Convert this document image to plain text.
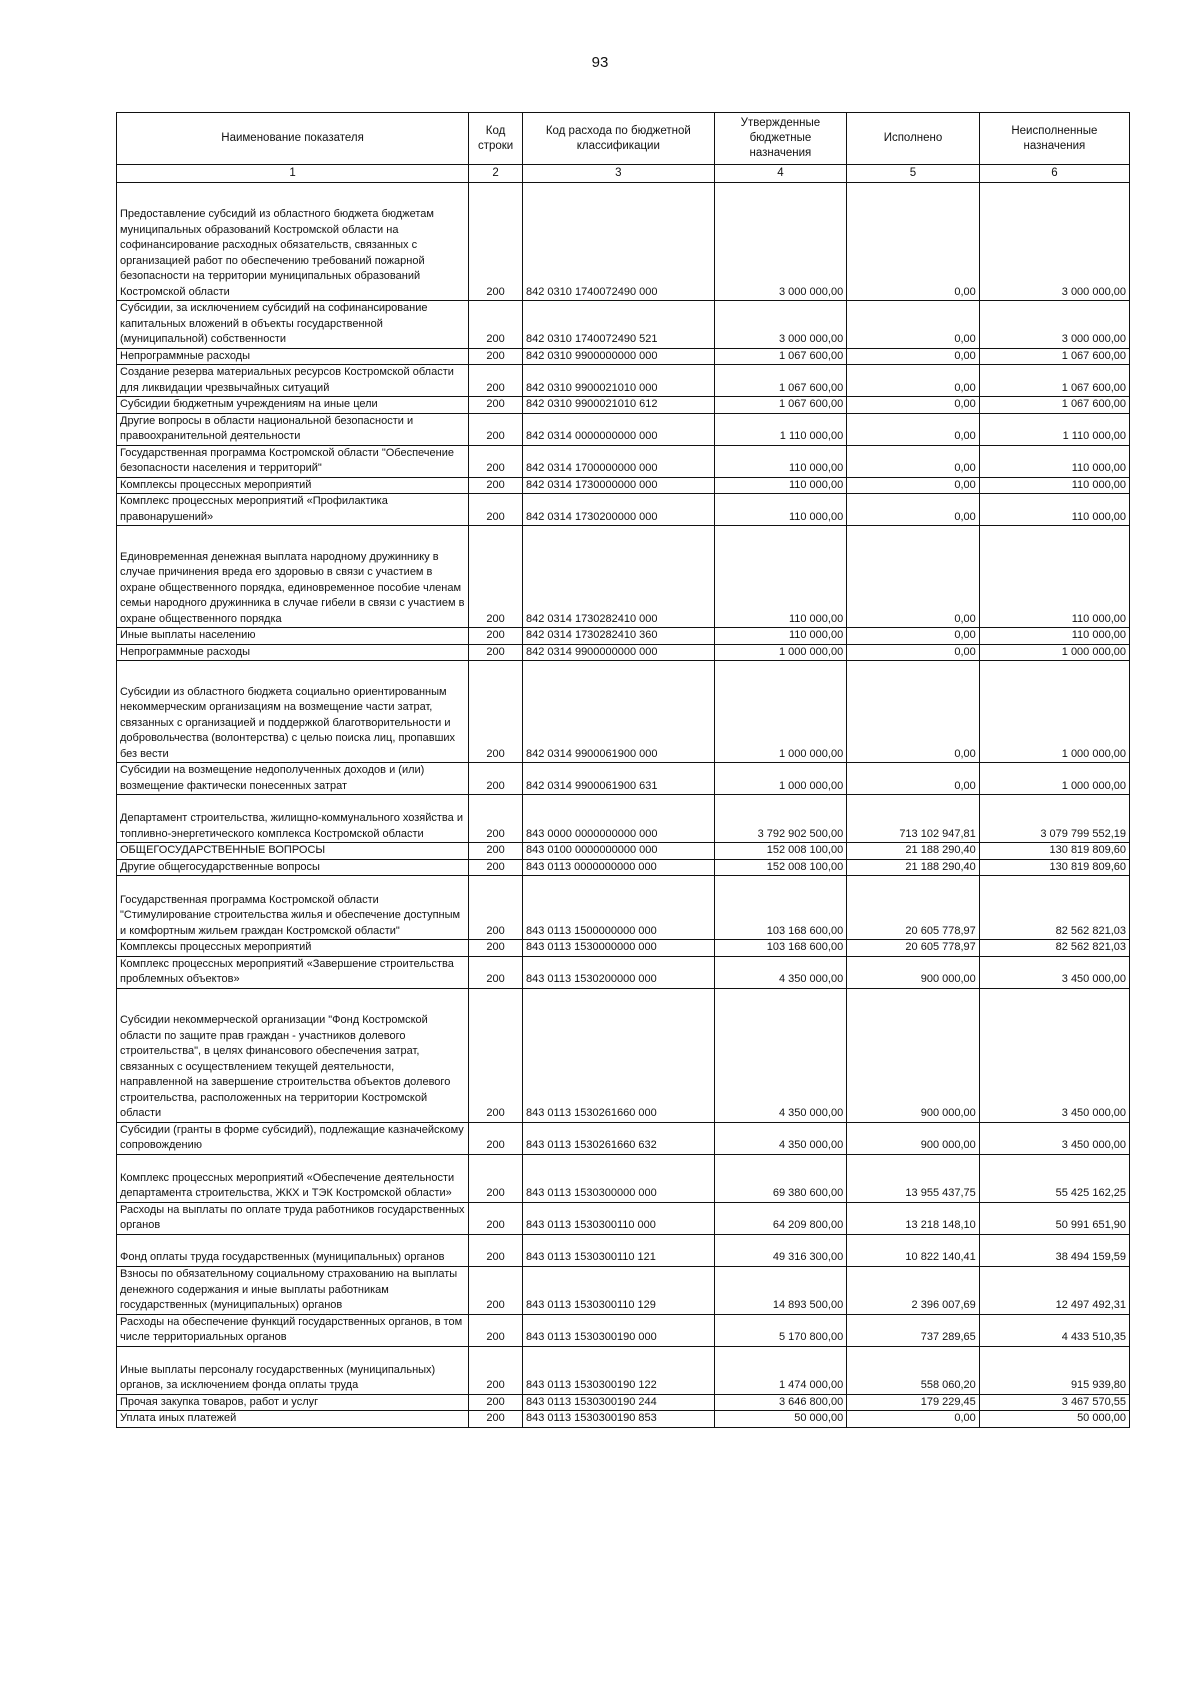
93
Наименование показателя	Код строки	Код расхода по бюджетной классификации	Утвержденные бюджетные назначения	Исполнено	Неисполненные назначения
1	2	3	4	5	6
Предоставление субсидий из областного бюджета бюджетам муниципальных образований Костромской области на софинансирование расходных обязательств, связанных с организацией работ по обеспечению требований пожарной безопасности на территории муниципальных образований Костромской области	200	842 0310 1740072490 000	3 000 000,00	0,00	3 000 000,00
Субсидии, за исключением субсидий на софинансирование капитальных вложений в объекты государственной (муниципальной) собственности	200	842 0310 1740072490 521	3 000 000,00	0,00	3 000 000,00
Непрограммные расходы	200	842 0310 9900000000 000	1 067 600,00	0,00	1 067 600,00
Создание резерва материальных ресурсов Костромской области для ликвидации чрезвычайных ситуаций	200	842 0310 9900021010 000	1 067 600,00	0,00	1 067 600,00
Субсидии бюджетным учреждениям на иные цели	200	842 0310 9900021010 612	1 067 600,00	0,00	1 067 600,00
Другие вопросы в области национальной безопасности и правоохранительной деятельности	200	842 0314 0000000000 000	1 110 000,00	0,00	1 110 000,00
Государственная программа Костромской области "Обеспечение безопасности населения и территорий"	200	842 0314 1700000000 000	110 000,00	0,00	110 000,00
Комплексы процессных мероприятий	200	842 0314 1730000000 000	110 000,00	0,00	110 000,00
Комплекс процессных мероприятий «Профилактика правонарушений»	200	842 0314 1730200000 000	110 000,00	0,00	110 000,00
Единовременная денежная выплата народному дружиннику в случае причинения вреда его здоровью в связи с участием в охране общественного порядка, единовременное пособие членам семьи народного дружинника в случае гибели в связи с участием в охране общественного порядка	200	842 0314 1730282410 000	110 000,00	0,00	110 000,00
Иные выплаты населению	200	842 0314 1730282410 360	110 000,00	0,00	110 000,00
Непрограммные расходы	200	842 0314 9900000000 000	1 000 000,00	0,00	1 000 000,00
Субсидии из областного бюджета социально ориентированным некоммерческим организациям на возмещение части затрат, связанных с организацией и поддержкой благотворительности и добровольчества (волонтерства) с целью поиска лиц, пропавших без вести	200	842 0314 9900061900 000	1 000 000,00	0,00	1 000 000,00
Субсидии на возмещение недополученных доходов и (или) возмещение фактически понесенных затрат	200	842 0314 9900061900 631	1 000 000,00	0,00	1 000 000,00
Департамент строительства, жилищно-коммунального хозяйства и топливно-энергетического комплекса Костромской области	200	843 0000 0000000000 000	3 792 902 500,00	713 102 947,81	3 079 799 552,19
ОБЩЕГОСУДАРСТВЕННЫЕ ВОПРОСЫ	200	843 0100 0000000000 000	152 008 100,00	21 188 290,40	130 819 809,60
Другие общегосударственные вопросы	200	843 0113 0000000000 000	152 008 100,00	21 188 290,40	130 819 809,60
Государственная программа Костромской области "Стимулирование строительства жилья и обеспечение доступным и комфортным жильем граждан Костромской области"	200	843 0113 1500000000 000	103 168 600,00	20 605 778,97	82 562 821,03
Комплексы процессных мероприятий	200	843 0113 1530000000 000	103 168 600,00	20 605 778,97	82 562 821,03
Комплекс процессных мероприятий «Завершение строительства проблемных объектов»	200	843 0113 1530200000 000	4 350 000,00	900 000,00	3 450 000,00
Субсидии некоммерческой организации "Фонд Костромской области по защите прав граждан - участников долевого строительства", в целях финансового обеспечения затрат, связанных с осуществлением текущей деятельности, направленной на завершение строительства объектов долевого строительства, расположенных на территории Костромской области	200	843 0113 1530261660 000	4 350 000,00	900 000,00	3 450 000,00
Субсидии (гранты в форме субсидий), подлежащие казначейскому сопровождению	200	843 0113 1530261660 632	4 350 000,00	900 000,00	3 450 000,00
Комплекс процессных мероприятий «Обеспечение деятельности департамента строительства, ЖКХ и ТЭК Костромской области»	200	843 0113 1530300000 000	69 380 600,00	13 955 437,75	55 425 162,25
Расходы на выплаты по оплате труда работников государственных органов	200	843 0113 1530300110 000	64 209 800,00	13 218 148,10	50 991 651,90
Фонд оплаты труда государственных (муниципальных) органов	200	843 0113 1530300110 121	49 316 300,00	10 822 140,41	38 494 159,59
Взносы по обязательному социальному страхованию на выплаты денежного содержания и иные выплаты работникам государственных (муниципальных) органов	200	843 0113 1530300110 129	14 893 500,00	2 396 007,69	12 497 492,31
Расходы на обеспечение функций государственных органов, в том числе территориальных органов	200	843 0113 1530300190 000	5 170 800,00	737 289,65	4 433 510,35
Иные выплаты персоналу государственных (муниципальных) органов, за исключением фонда оплаты труда	200	843 0113 1530300190 122	1 474 000,00	558 060,20	915 939,80
Прочая закупка товаров, работ и услуг	200	843 0113 1530300190 244	3 646 800,00	179 229,45	3 467 570,55
Уплата иных платежей	200	843 0113 1530300190 853	50 000,00	0,00	50 000,00
